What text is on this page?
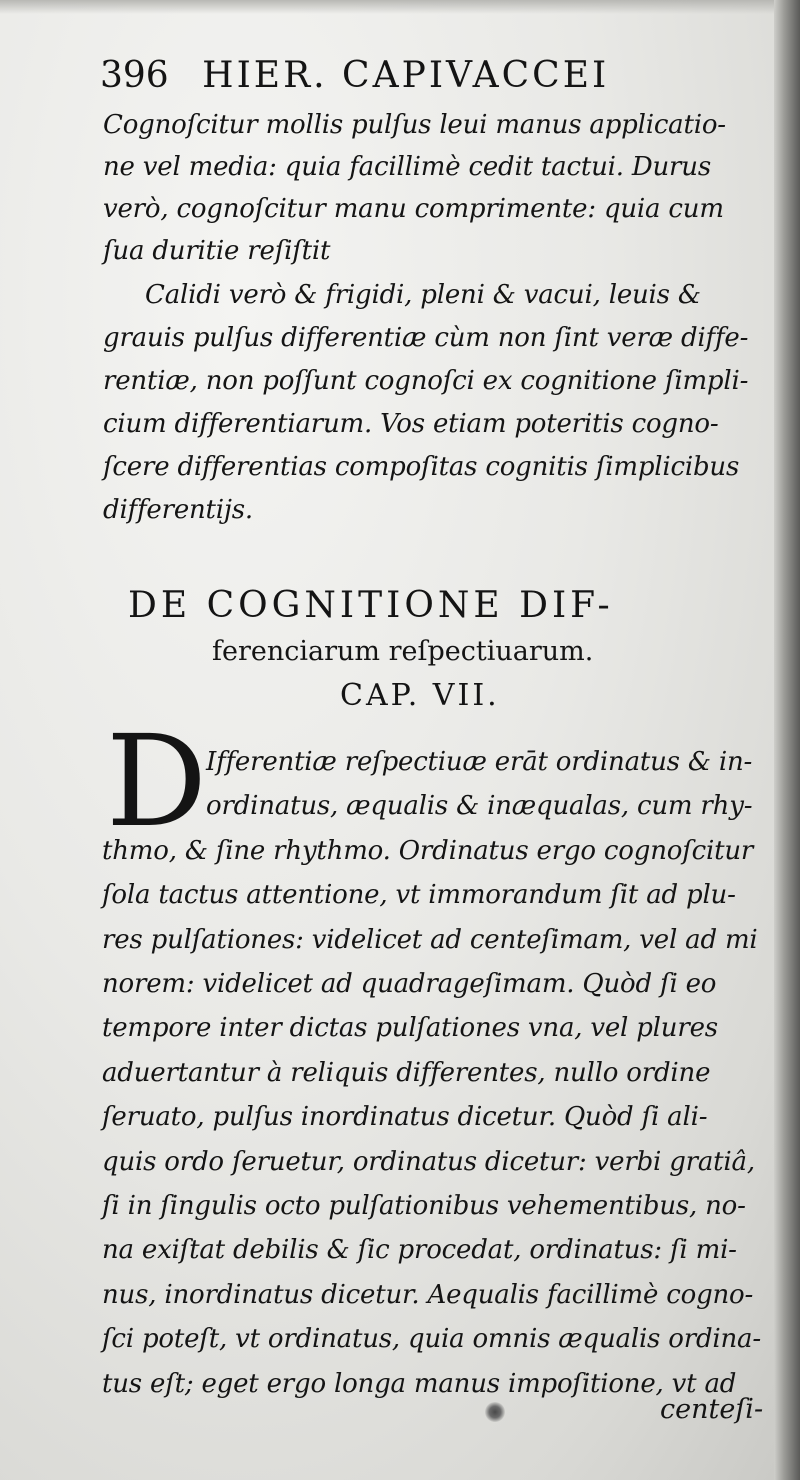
396 HIER. CAPIVACCEI
Cognoſcitur mollis pulſus leui manus applicatio-
ne vel media: quia facillimè cedit tactui. Durus
verò, cognoſcitur manu comprimente: quia cum
ſua duritie reſiſtit
Calidi verò & frigidi, pleni & vacui, leuis &
grauis pulſus differentiæ cùm non ſint veræ diffe-
rentiæ, non poſſunt cognoſci ex cognitione ſimpli-
cium differentiarum. Vos etiam poteritis cogno-
ſcere differentias compoſitas cognitis ſimplicibus
differentijs.
DE COGNITIONE DIF-
ferenciarum reſpectiuarum.
CAP. VII.
D
Ifferentiæ reſpectiuæ erāt ordinatus & in-
ordinatus, æqualis & inæqualas, cum rhy-
thmo, & ſine rhythmo. Ordinatus ergo cognoſcitur
ſola tactus attentione, vt immorandum ſit ad plu-
res pulſationes: videlicet ad centeſimam, vel ad mi
norem: videlicet ad quadrageſimam. Quòd ſi eo
tempore inter dictas pulſationes vna, vel plures
aduertantur à reliquis differentes, nullo ordine
ſeruato, pulſus inordinatus dicetur. Quòd ſi ali-
quis ordo ſeruetur, ordinatus dicetur: verbi gratiâ,
ſi in ſingulis octo pulſationibus vehementibus, no-
na exiſtat debilis & ſic procedat, ordinatus: ſi mi-
nus, inordinatus dicetur. Aequalis facillimè cogno-
ſci poteſt, vt ordinatus, quia omnis æqualis ordina-
tus eſt; eget ergo longa manus impoſitione, vt ad
centeſi-
